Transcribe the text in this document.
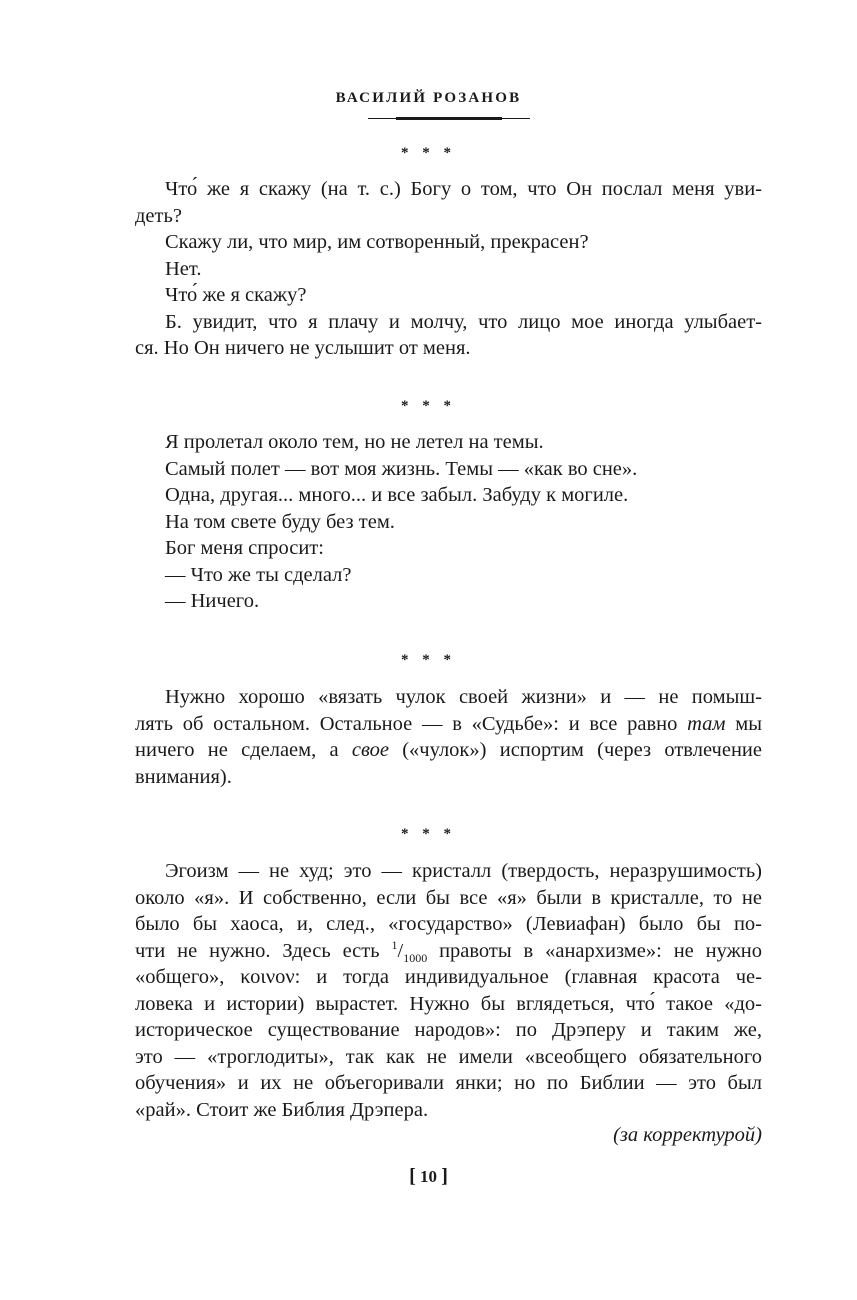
ВАСИЛИЙ РОЗАНОВ
* * *
Что́ же я скажу (на т. с.) Богу о том, что Он послал меня уви-
деть?
Скажу ли, что мир, им сотворенный, прекрасен?
Нет.
Что́ же я скажу?
Б. увидит, что я плачу и молчу, что лицо мое иногда улыбает-
ся. Но Он ничего не услышит от меня.
* * *
Я пролетал около тем, но не летел на темы.
Самый полет — вот моя жизнь. Темы — «как во сне».
Одна, другая... много... и все забыл. Забуду к могиле.
На том свете буду без тем.
Бог меня спросит:
— Что же ты сделал?
— Ничего.
* * *
Нужно хорошо «вязать чулок своей жизни» и — не помыш-
лять об остальном. Остальное — в «Судьбе»: и все равно там мы
ничего не сделаем, а свое («чулок») испортим (через отвлечение
внимания).
* * *
Эгоизм — не худ; это — кристалл (твердость, неразрушимость)
около «я». И собственно, если бы все «я» были в кристалле, то не
было бы хаоса, и, след., «государство» (Левиафан) было бы по-
чти не нужно. Здесь есть $^1/_{1000}$ правоты в «анархизме»: не нужно
«общего», κοινον: и тогда индивидуальное (главная красота че-
ловека и истории) вырастет. Нужно бы вглядеться, что́ такое «до-
историческое существование народов»: по Дрэперу и таким же,
это — «троглодиты», так как не имели «всеобщего обязательного
обучения» и их не объегоривали янки; но по Библии — это был
«рай». Стоит же Библия Дрэпера.
(за корректурой)
[ 10 ]
